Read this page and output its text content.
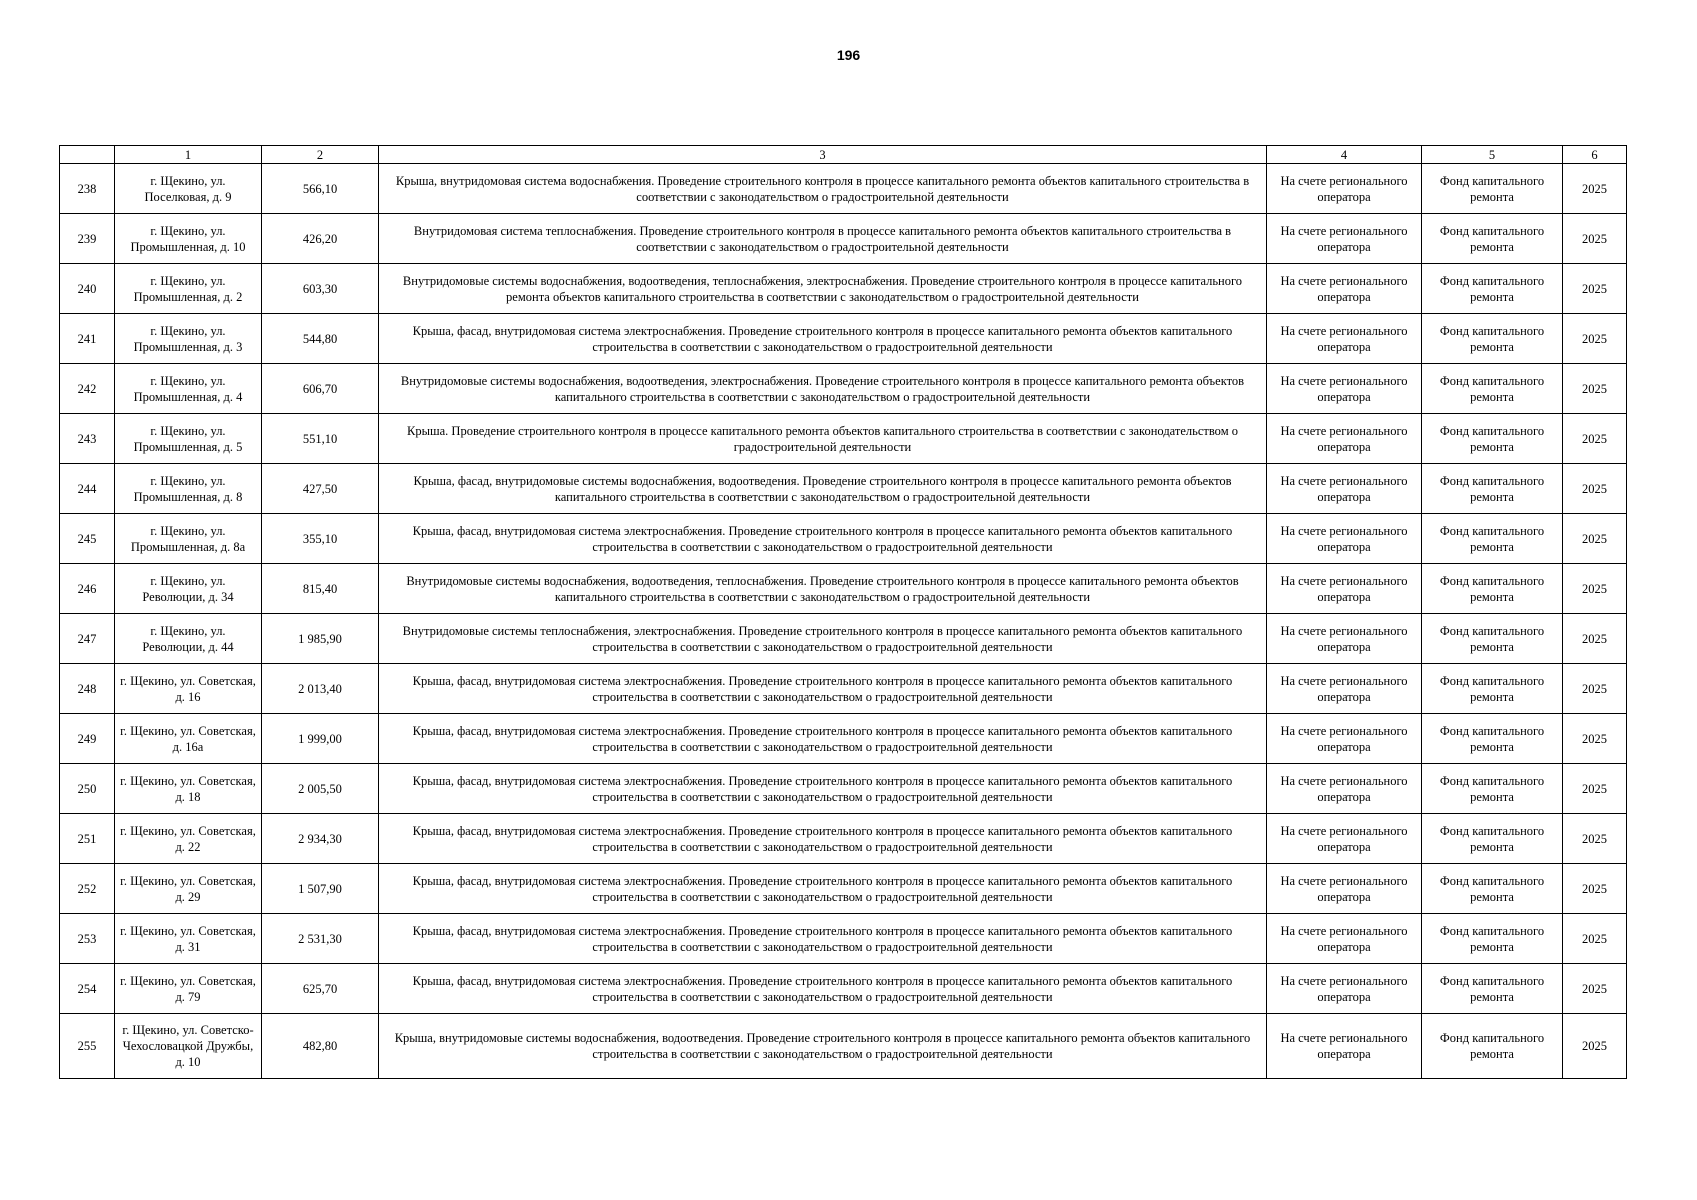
196
	1	2	3	4	5	6
238	г. Щекино, ул. Поселковая, д. 9	566,10	Крыша, внутридомовая система водоснабжения. Проведение строительного контроля в процессе капитального ремонта объектов капитального строительства в соответствии с законодательством о градостроительной деятельности	На счете регионального оператора	Фонд капитального ремонта	2025
239	г. Щекино, ул. Промышленная, д. 10	426,20	Внутридомовая система теплоснабжения. Проведение строительного контроля в процессе капитального ремонта объектов капитального строительства в соответствии с законодательством о градостроительной деятельности	На счете регионального оператора	Фонд капитального ремонта	2025
240	г. Щекино, ул. Промышленная, д. 2	603,30	Внутридомовые системы водоснабжения, водоотведения, теплоснабжения, электроснабжения. Проведение строительного контроля в процессе капитального ремонта объектов капитального строительства в соответствии с законодательством о градостроительной деятельности	На счете регионального оператора	Фонд капитального ремонта	2025
241	г. Щекино, ул. Промышленная, д. 3	544,80	Крыша, фасад, внутридомовая система электроснабжения. Проведение строительного контроля в процессе капитального ремонта объектов капитального строительства в соответствии с законодательством о градостроительной деятельности	На счете регионального оператора	Фонд капитального ремонта	2025
242	г. Щекино, ул. Промышленная, д. 4	606,70	Внутридомовые системы водоснабжения, водоотведения, электроснабжения. Проведение строительного контроля в процессе капитального ремонта объектов капитального строительства в соответствии с законодательством о градостроительной деятельности	На счете регионального оператора	Фонд капитального ремонта	2025
243	г. Щекино, ул. Промышленная, д. 5	551,10	Крыша. Проведение строительного контроля в процессе капитального ремонта объектов капитального строительства в соответствии с законодательством о градостроительной деятельности	На счете регионального оператора	Фонд капитального ремонта	2025
244	г. Щекино, ул. Промышленная, д. 8	427,50	Крыша, фасад, внутридомовые системы водоснабжения, водоотведения. Проведение строительного контроля в процессе капитального ремонта объектов капитального строительства в соответствии с законодательством о градостроительной деятельности	На счете регионального оператора	Фонд капитального ремонта	2025
245	г. Щекино, ул. Промышленная, д. 8а	355,10	Крыша, фасад, внутридомовая система электроснабжения. Проведение строительного контроля в процессе капитального ремонта объектов капитального строительства в соответствии с законодательством о градостроительной деятельности	На счете регионального оператора	Фонд капитального ремонта	2025
246	г. Щекино, ул. Революции, д. 34	815,40	Внутридомовые системы водоснабжения, водоотведения, теплоснабжения. Проведение строительного контроля в процессе капитального ремонта объектов капитального строительства в соответствии с законодательством о градостроительной деятельности	На счете регионального оператора	Фонд капитального ремонта	2025
247	г. Щекино, ул. Революции, д. 44	1 985,90	Внутридомовые системы теплоснабжения, электроснабжения. Проведение строительного контроля в процессе капитального ремонта объектов капитального строительства в соответствии с законодательством о градостроительной деятельности	На счете регионального оператора	Фонд капитального ремонта	2025
248	г. Щекино, ул. Советская, д. 16	2 013,40	Крыша, фасад, внутридомовая система электроснабжения. Проведение строительного контроля в процессе капитального ремонта объектов капитального строительства в соответствии с законодательством о градостроительной деятельности	На счете регионального оператора	Фонд капитального ремонта	2025
249	г. Щекино, ул. Советская, д. 16а	1 999,00	Крыша, фасад, внутридомовая система электроснабжения. Проведение строительного контроля в процессе капитального ремонта объектов капитального строительства в соответствии с законодательством о градостроительной деятельности	На счете регионального оператора	Фонд капитального ремонта	2025
250	г. Щекино, ул. Советская, д. 18	2 005,50	Крыша, фасад, внутридомовая система электроснабжения. Проведение строительного контроля в процессе капитального ремонта объектов капитального строительства в соответствии с законодательством о градостроительной деятельности	На счете регионального оператора	Фонд капитального ремонта	2025
251	г. Щекино, ул. Советская, д. 22	2 934,30	Крыша, фасад, внутридомовая система электроснабжения. Проведение строительного контроля в процессе капитального ремонта объектов капитального строительства в соответствии с законодательством о градостроительной деятельности	На счете регионального оператора	Фонд капитального ремонта	2025
252	г. Щекино, ул. Советская, д. 29	1 507,90	Крыша, фасад, внутридомовая система электроснабжения. Проведение строительного контроля в процессе капитального ремонта объектов капитального строительства в соответствии с законодательством о градостроительной деятельности	На счете регионального оператора	Фонд капитального ремонта	2025
253	г. Щекино, ул. Советская, д. 31	2 531,30	Крыша, фасад, внутридомовая система электроснабжения. Проведение строительного контроля в процессе капитального ремонта объектов капитального строительства в соответствии с законодательством о градостроительной деятельности	На счете регионального оператора	Фонд капитального ремонта	2025
254	г. Щекино, ул. Советская, д. 79	625,70	Крыша, фасад, внутридомовая система электроснабжения. Проведение строительного контроля в процессе капитального ремонта объектов капитального строительства в соответствии с законодательством о градостроительной деятельности	На счете регионального оператора	Фонд капитального ремонта	2025
255	г. Щекино, ул. Советско-Чехословацкой Дружбы, д. 10	482,80	Крыша, внутридомовые системы водоснабжения, водоотведения. Проведение строительного контроля в процессе капитального ремонта объектов капитального строительства в соответствии с законодательством о градостроительной деятельности	На счете регионального оператора	Фонд капитального ремонта	2025
